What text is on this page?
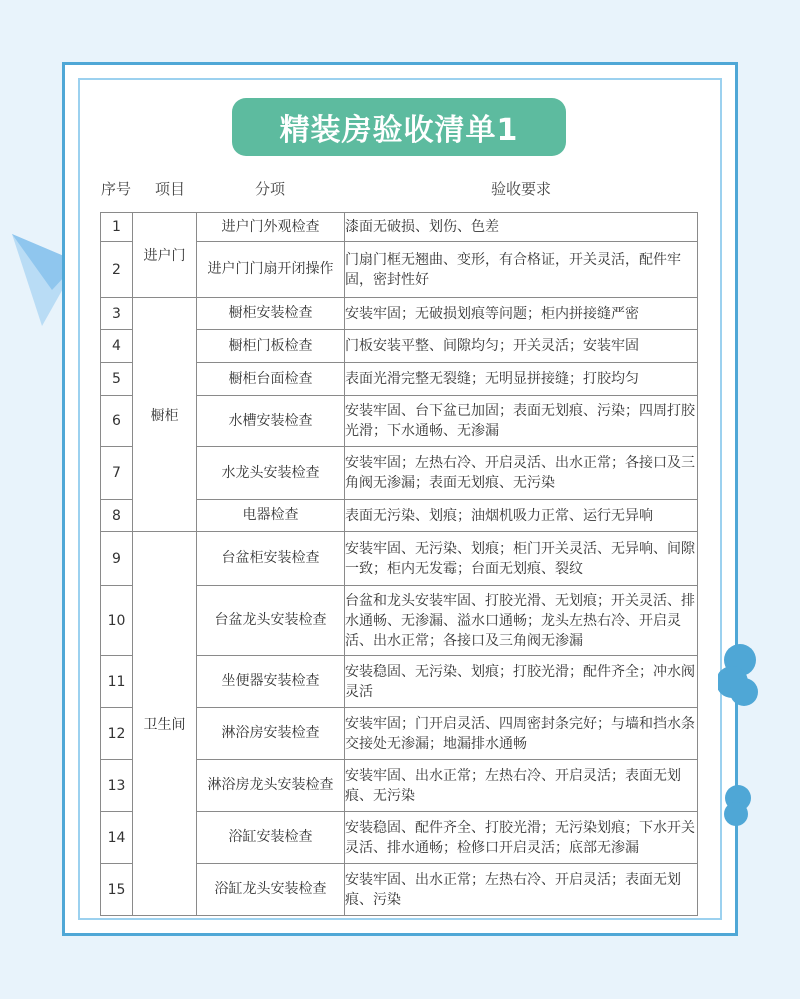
精装房验收清单1
序号	项目	分项	验收要求
1	进户门	进户门外观检查	漆面无破损、划伤、色差
2		进户门门扇开闭操作	门扇门框无翘曲、变形，有合格证，开关灵活，配件牢固，密封性好
3	橱柜	橱柜安装检查	安装牢固；无破损划痕等问题；柜内拼接缝严密
4		橱柜门板检查	门板安装平整、间隙均匀；开关灵活；安装牢固
5		橱柜台面检查	表面光滑完整无裂缝；无明显拼接缝；打胶均匀
6		水槽安装检查	安装牢固、台下盆已加固；表面无划痕、污染；四周打胶光滑；下水通畅、无渗漏
7		水龙头安装检查	安装牢固；左热右冷、开启灵活、出水正常；各接口及三角阀无渗漏；表面无划痕、无污染
8		电器检查	表面无污染、划痕；油烟机吸力正常、运行无异响
9	卫生间	台盆柜安装检查	安装牢固、无污染、划痕；柜门开关灵活、无异响、间隙一致；柜内无发霉；台面无划痕、裂纹
10		台盆龙头安装检查	台盆和龙头安装牢固、打胶光滑、无划痕；开关灵活、排水通畅、无渗漏、溢水口通畅；龙头左热右冷、开启灵活、出水正常；各接口及三角阀无渗漏
11		坐便器安装检查	安装稳固、无污染、划痕；打胶光滑；配件齐全；冲水阀灵活
12		淋浴房安装检查	安装牢固；门开启灵活、四周密封条完好；与墙和挡水条交接处无渗漏；地漏排水通畅
13		淋浴房龙头安装检查	安装牢固、出水正常；左热右冷、开启灵活；表面无划痕、无污染
14		浴缸安装检查	安装稳固、配件齐全、打胶光滑；无污染划痕；下水开关灵活、排水通畅；检修口开启灵活；底部无渗漏
15		浴缸龙头安装检查	安装牢固、出水正常；左热右冷、开启灵活；表面无划痕、污染
